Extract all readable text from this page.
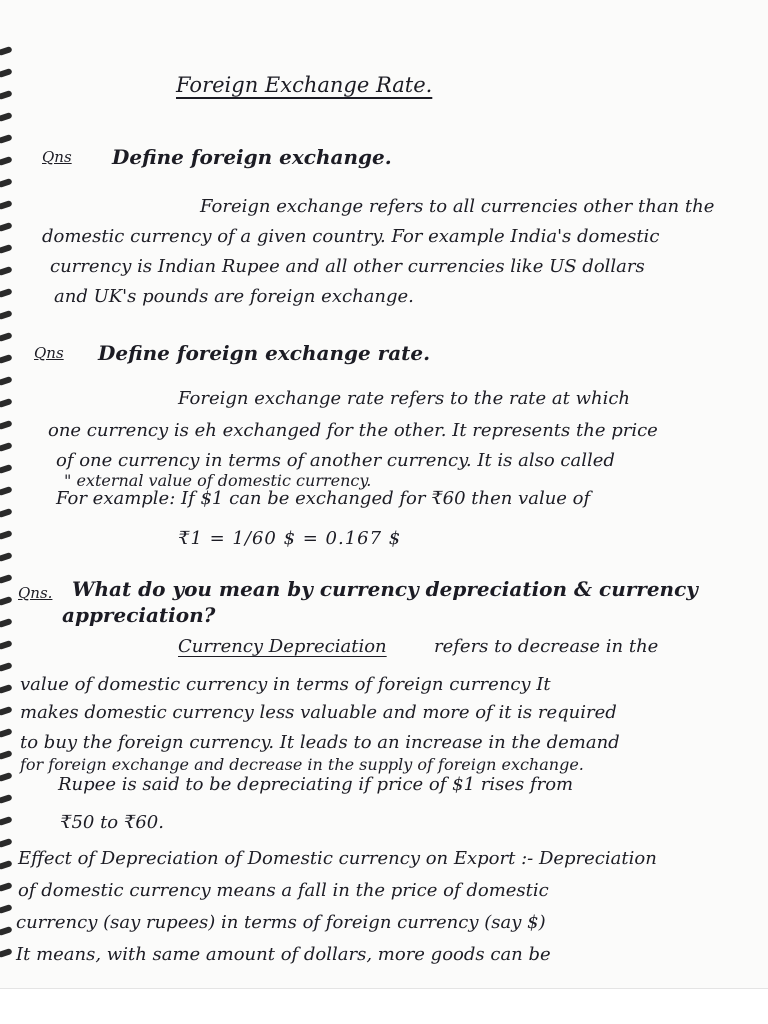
Foreign Exchange Rate.
Qns Define foreign exchange.
Foreign exchange refers to all currencies other than the
domestic currency of a given country. For example India's domestic
currency is Indian Rupee and all other currencies like US dollars
and UK's pounds are foreign exchange.
Qns Define foreign exchange rate.
Foreign exchange rate refers to the rate at which
one currency is eh exchanged for the other. It represents the price
of one currency in terms of another currency. It is also called
" external value of domestic currency.
For example: If $1 can be exchanged for ₹60 then value of
₹1 = 1/60 $ = 0.167 $
Qns. What do you mean by currency depreciation & currency
appreciation?
Currency Depreciation	refers to decrease in the
value of domestic currency in terms of foreign currency It
makes domestic currency less valuable and more of it is required
to buy the foreign currency. It leads to an increase in the demand
for foreign exchange and decrease in the supply of foreign exchange.
Rupee is said to be depreciating if price of $1 rises from
₹50 to ₹60.
Effect of Depreciation of Domestic currency on Export :- Depreciation
of domestic currency means a fall in the price of domestic
currency (say rupees) in terms of foreign currency (say $)
It means, with same amount of dollars, more goods can be
